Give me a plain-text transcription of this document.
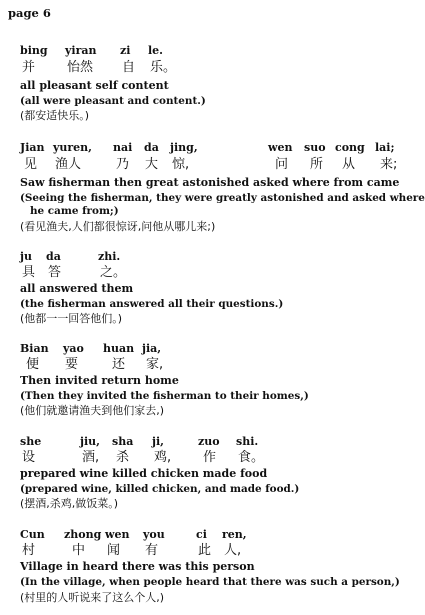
page 6
bing yiran zi le.
并 怡然 自 乐。
all pleasant self content
(all were pleasant and content.)
(都安适快乐。)
Jian yuren, nai da jing,	wen suo cong lai;
见 渔人	乃 大 惊,	问 所 从 来;
Saw fisherman then great astonished asked where from came
(Seeing the fisherman, they were greatly astonished and asked where
he came from;)
(看见渔夫,人们都很惊讶,问他从哪儿来;)
ju da	zhi.
具 答	之。
all answered them
(the fisherman answered all their questions.)
(他都一一回答他们。)
Bian yao huan jia,
便 要	还 家,
Then invited return home
(Then they invited the fisherman to their homes,)
(他们就邀请渔夫到他们家去,)
she	jiu, sha ji,	zuo shi.
设	酒, 杀 鸡, 作 食。
prepared wine killed chicken made food
(prepared wine, killed chicken, and made food.)
(摆酒,杀鸡,做饭菜。)
Cun zhong wen you	ci ren,
村	中 闻 有	此 人,
Village in heard there was this person
(In the village, when people heard that there was such a person,)
(村里的人听说来了这么个人,)
